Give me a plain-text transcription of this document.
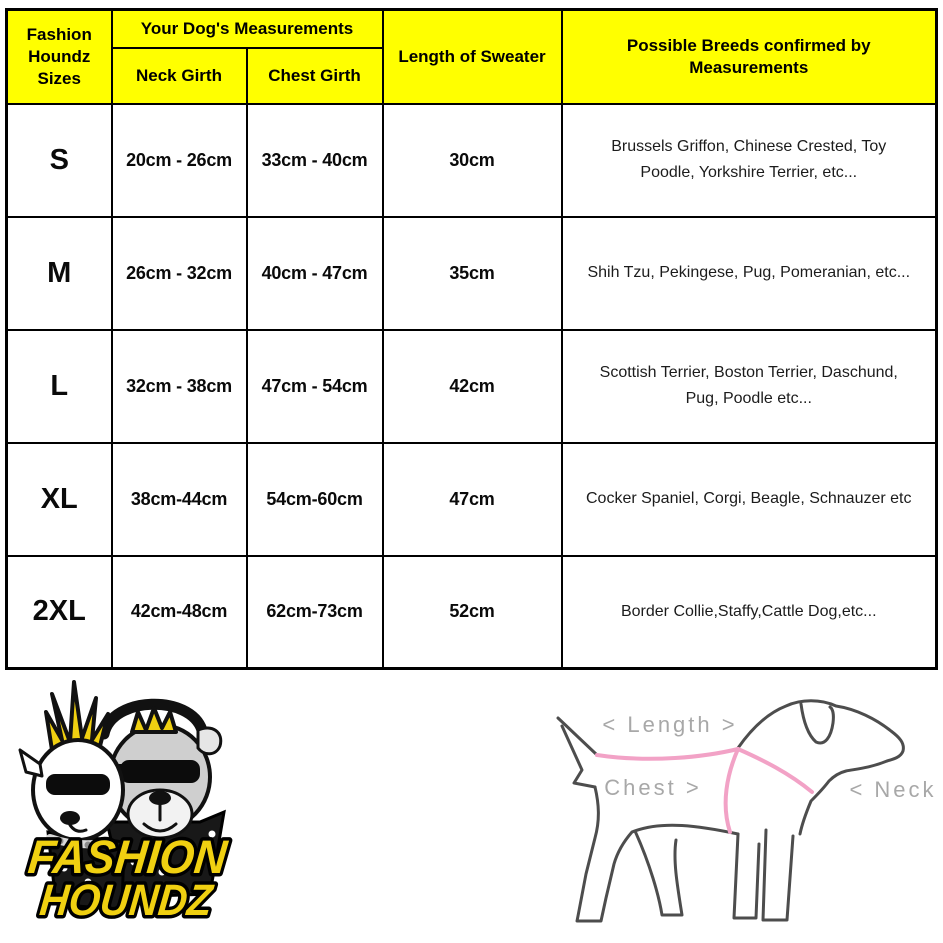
Fashion Houndz Sizes	Your Dog's Measurements		Length of Sweater	Possible Breeds confirmed by Measurements
	Neck Girth	Chest Girth		
S	20cm - 26cm	33cm - 40cm	30cm	Brussels Griffon, Chinese Crested, Toy Poodle, Yorkshire Terrier, etc...
M	26cm - 32cm	40cm - 47cm	35cm	Shih Tzu, Pekingese, Pug, Pomeranian, etc...
L	32cm - 38cm	47cm - 54cm	42cm	Scottish Terrier, Boston Terrier, Daschund, Pug, Poodle etc...
XL	38cm-44cm	54cm-60cm	47cm	Cocker Spaniel, Corgi, Beagle, Schnauzer etc
2XL	42cm-48cm	62cm-73cm	52cm	Border Collie,Staffy,Cattle Dog,etc...
FASHION
HOUNDZ
< Length >
Chest >	< Neck
